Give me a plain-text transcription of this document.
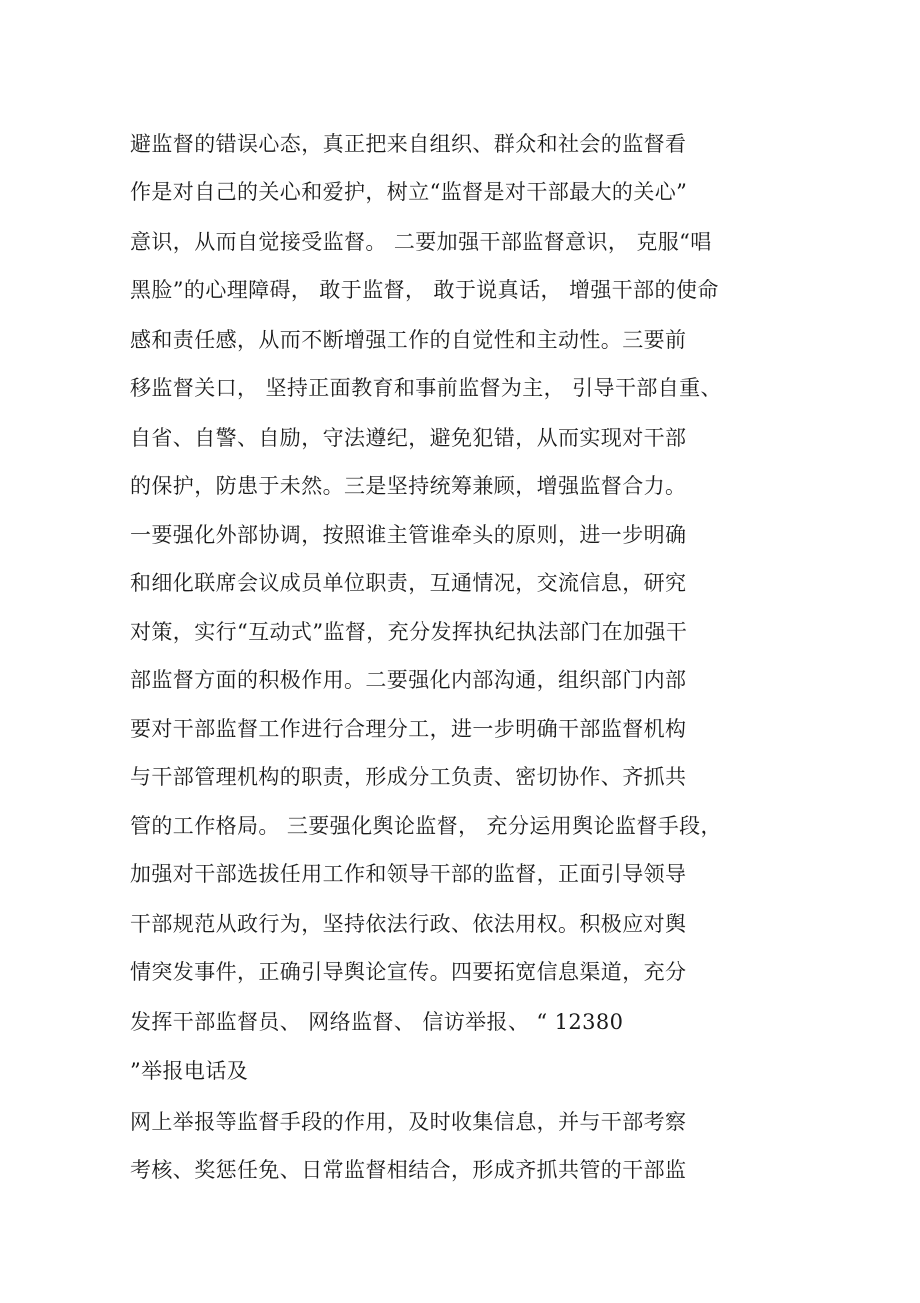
避监督的错误心态，真正把来自组织、群众和社会的监督看

作是对自己的关心和爱护，树立“监督是对干部最大的关心”

意识，从而自觉接受监督。 二要加强干部监督意识， 克服“唱

黑脸”的心理障碍， 敢于监督， 敢于说真话， 增强干部的使命

感和责任感，从而不断增强工作的自觉性和主动性。三要前

移监督关口， 坚持正面教育和事前监督为主， 引导干部自重、

自省、自警、自励，守法遵纪，避免犯错，从而实现对干部

的保护，防患于未然。三是坚持统筹兼顾，增强监督合力。

一要强化外部协调，按照谁主管谁牵头的原则，进一步明确

和细化联席会议成员单位职责，互通情况，交流信息，研究

对策，实行“互动式”监督，充分发挥执纪执法部门在加强干

部监督方面的积极作用。二要强化内部沟通，组织部门内部

要对干部监督工作进行合理分工，进一步明确干部监督机构

与干部管理机构的职责，形成分工负责、密切协作、齐抓共

管的工作格局。 三要强化舆论监督， 充分运用舆论监督手段，

加强对干部选拔任用工作和领导干部的监督，正面引导领导

干部规范从政行为，坚持依法行政、依法用权。积极应对舆

情突发事件，正确引导舆论宣传。四要拓宽信息渠道，充分

发挥干部监督员、 网络监督、 信访举报、 “ 12380

”举报电话及

网上举报等监督手段的作用，及时收集信息，并与干部考察

考核、奖惩任免、日常监督相结合，形成齐抓共管的干部监
